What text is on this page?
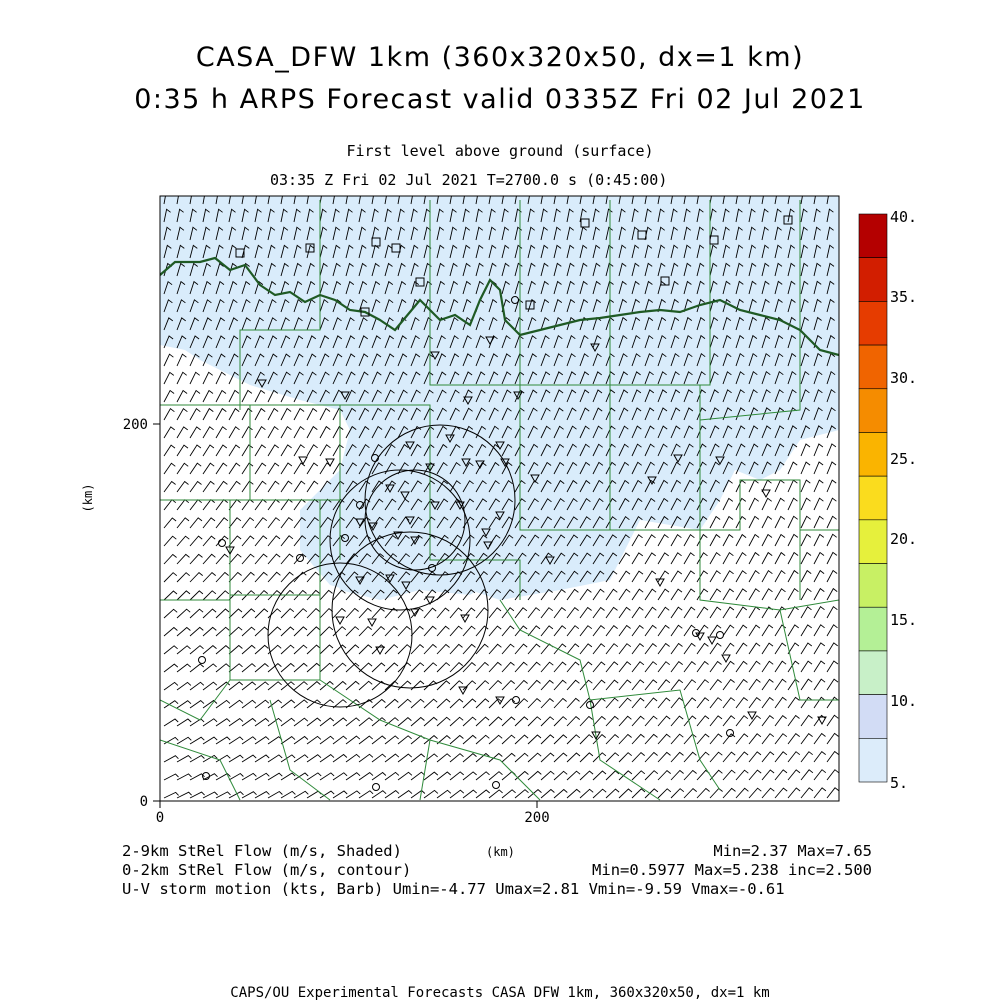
CASA_DFW 1km (360x320x50, dx=1 km)
0:35 h ARPS Forecast valid 0335Z Fri 02 Jul 2021
First level above ground (surface)
03:35 Z Fri 02 Jul 2021 T=2700.0 s (0:45:00)
0	200
0
200
(km)
40.
35.
30.
25.
20.
15.
10.
5.
2-9km StRel Flow (m/s, Shaded)	(km)	Min=2.37 Max=7.65
0-2km StRel Flow (m/s, contour)	Min=0.5977 Max=5.238 inc=2.500
U-V storm motion (kts, Barb) Umin=-4.77 Umax=2.81 Vmin=-9.59 Vmax=-0.61
CAPS/OU Experimental Forecasts CASA DFW 1km, 360x320x50, dx=1 km
